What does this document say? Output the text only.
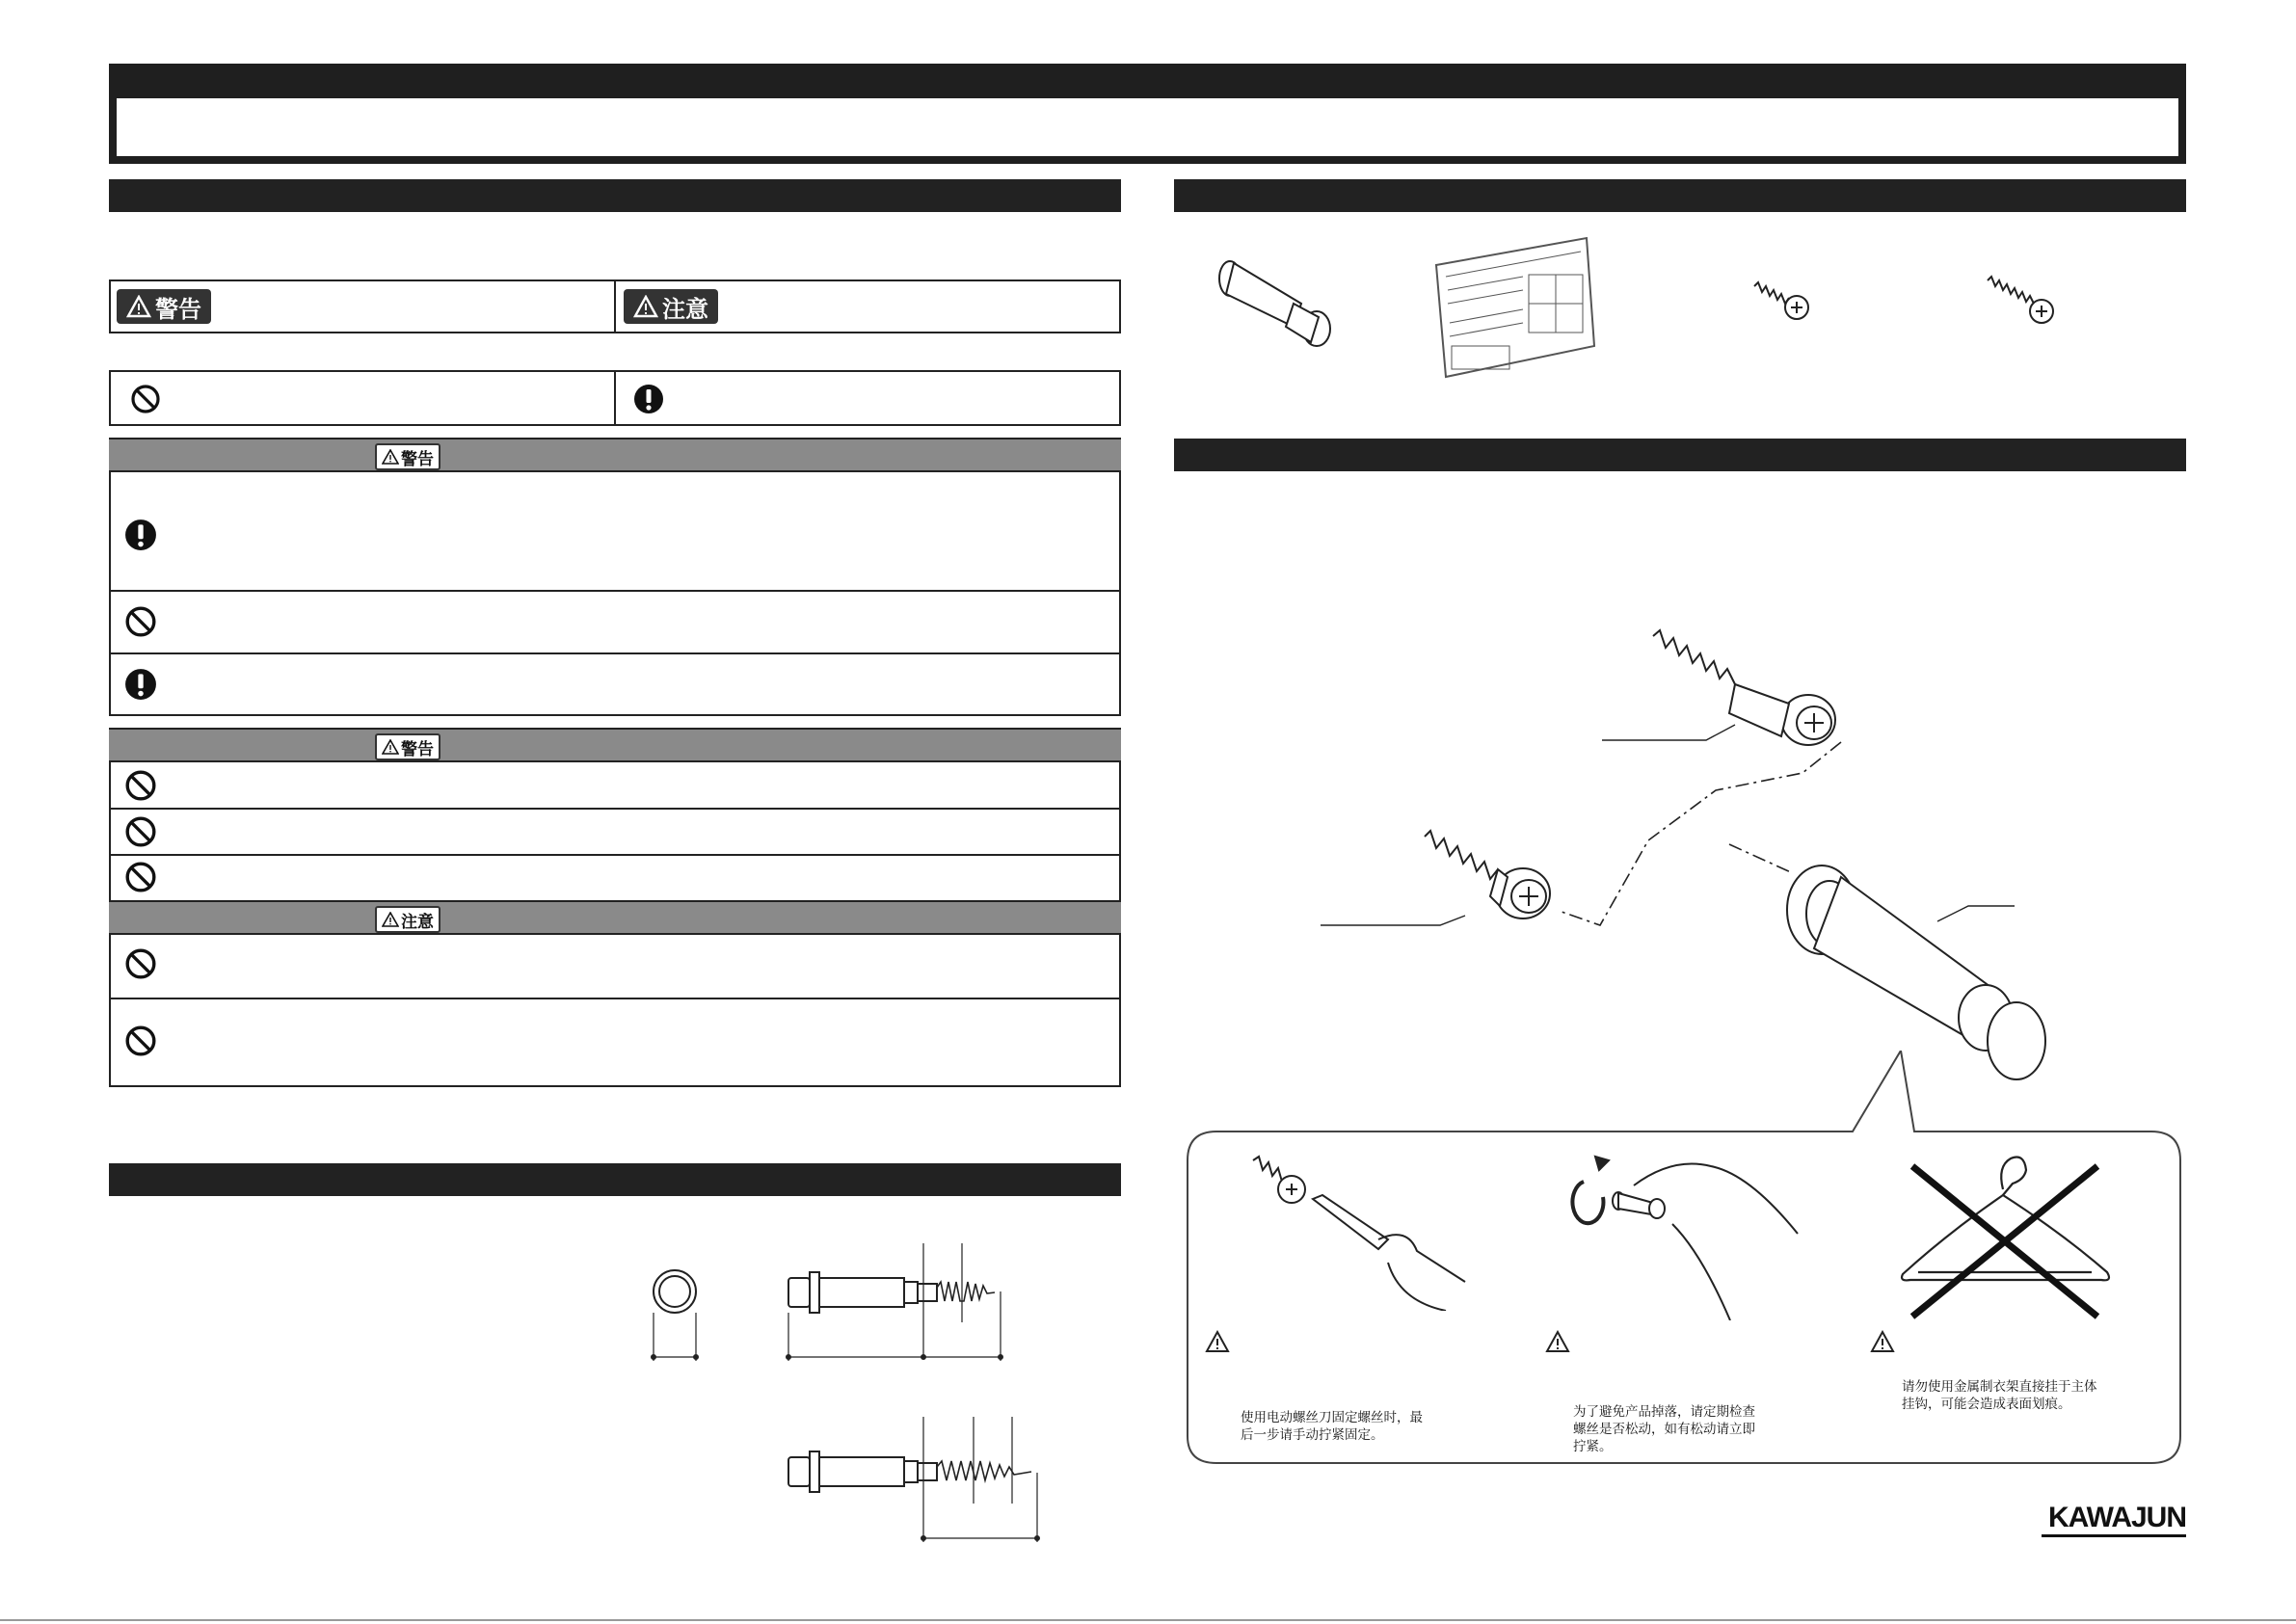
警告	注意
警告
警告
注意
使用电动螺丝刀固定螺丝时，最后一步请手动拧紧固定。
为了避免产品掉落，请定期检查螺丝是否松动，如有松动请立即拧紧。
请勿使用金属制衣架直接挂于主体挂钩，可能会造成表面划痕。
KAWAJUN
